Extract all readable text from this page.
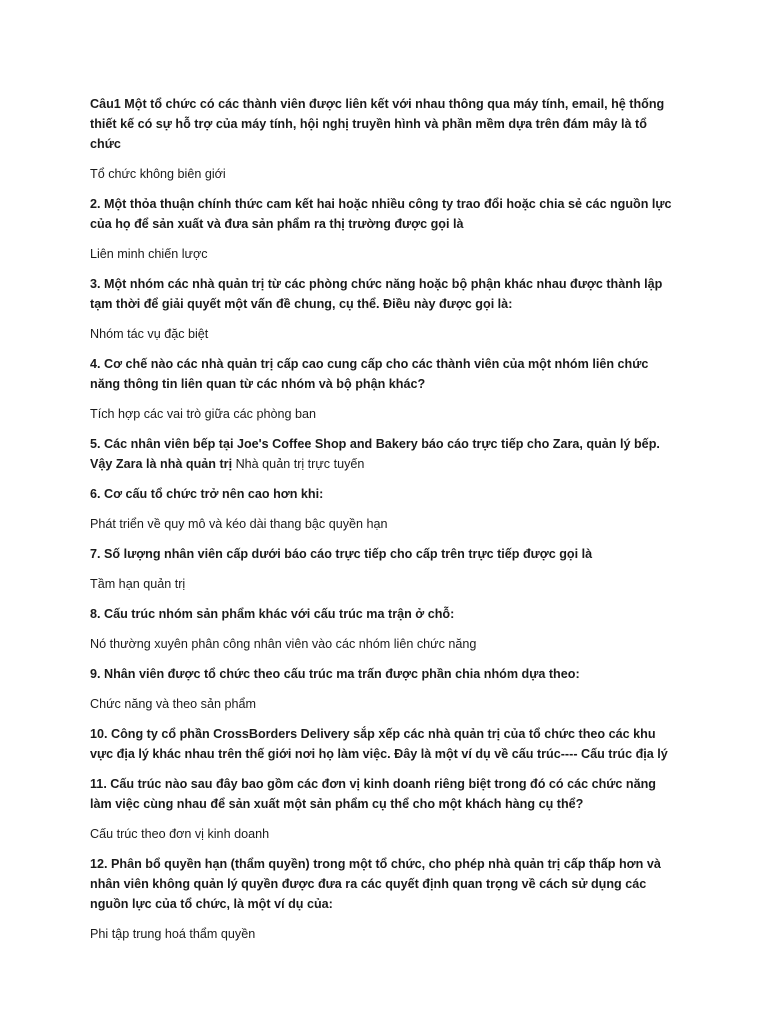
Câu1 Một tổ chức có các thành viên được liên kết với nhau thông qua máy tính, email, hệ thống thiết kế có sự hỗ trợ của máy tính, hội nghị truyền hình và phần mềm dựa trên đám mây là tổ chức

Tổ chức không biên giới

2. Một thỏa thuận chính thức cam kết hai hoặc nhiều công ty trao đổi hoặc chia sẻ các nguồn lực của họ để sản xuất và đưa sản phẩm ra thị trường được gọi là

Liên minh chiến lược

3. Một nhóm các nhà quản trị từ các phòng chức năng hoặc bộ phận khác nhau được thành lập tạm thời để giải quyết một vấn đề chung, cụ thể. Điều này được gọi là:

Nhóm tác vụ đặc biệt

4. Cơ chế nào các nhà quản trị cấp cao cung cấp cho các thành viên của một nhóm liên chức năng thông tin liên quan từ các nhóm và bộ phận khác?

Tích hợp các vai trò giữa các phòng ban

5. Các nhân viên bếp tại Joe's Coffee Shop and Bakery báo cáo trực tiếp cho Zara, quản lý bếp. Vậy Zara là nhà quản trị Nhà quản trị trực tuyến

6. Cơ cấu tổ chức trở nên cao hơn khi:

Phát triển về quy mô và kéo dài thang bậc quyền hạn

7. Số lượng nhân viên cấp dưới báo cáo trực tiếp cho cấp trên trực tiếp được gọi là

Tầm hạn quản trị

8. Cấu trúc nhóm sản phẩm khác với cấu trúc ma trận ở chỗ:

Nó thường xuyên phân công nhân viên vào các nhóm liên chức năng

9. Nhân viên được tổ chức theo cấu trúc ma trấn được phần chia nhóm dựa theo:

Chức năng và theo sản phẩm

10. Công ty cổ phần CrossBorders Delivery sắp xếp các nhà quản trị của tổ chức theo các khu vực địa lý khác nhau trên thế giới nơi họ làm việc. Đây là một ví dụ về cấu trúc---- Cấu trúc địa lý

11. Cấu trúc nào sau đây bao gồm các đơn vị kinh doanh riêng biệt trong đó có các chức năng làm việc cùng nhau để sản xuất một sản phẩm cụ thể cho một khách hàng cụ thể?

Cấu trúc theo đơn vị kinh doanh

12. Phân bổ quyền hạn (thẩm quyền) trong một tổ chức, cho phép nhà quản trị cấp thấp hơn và nhân viên không quản lý quyền được đưa ra các quyết định quan trọng về cách sử dụng các nguồn lực của tổ chức, là một ví dụ của:

Phi tập trung hoá thẩm quyền
